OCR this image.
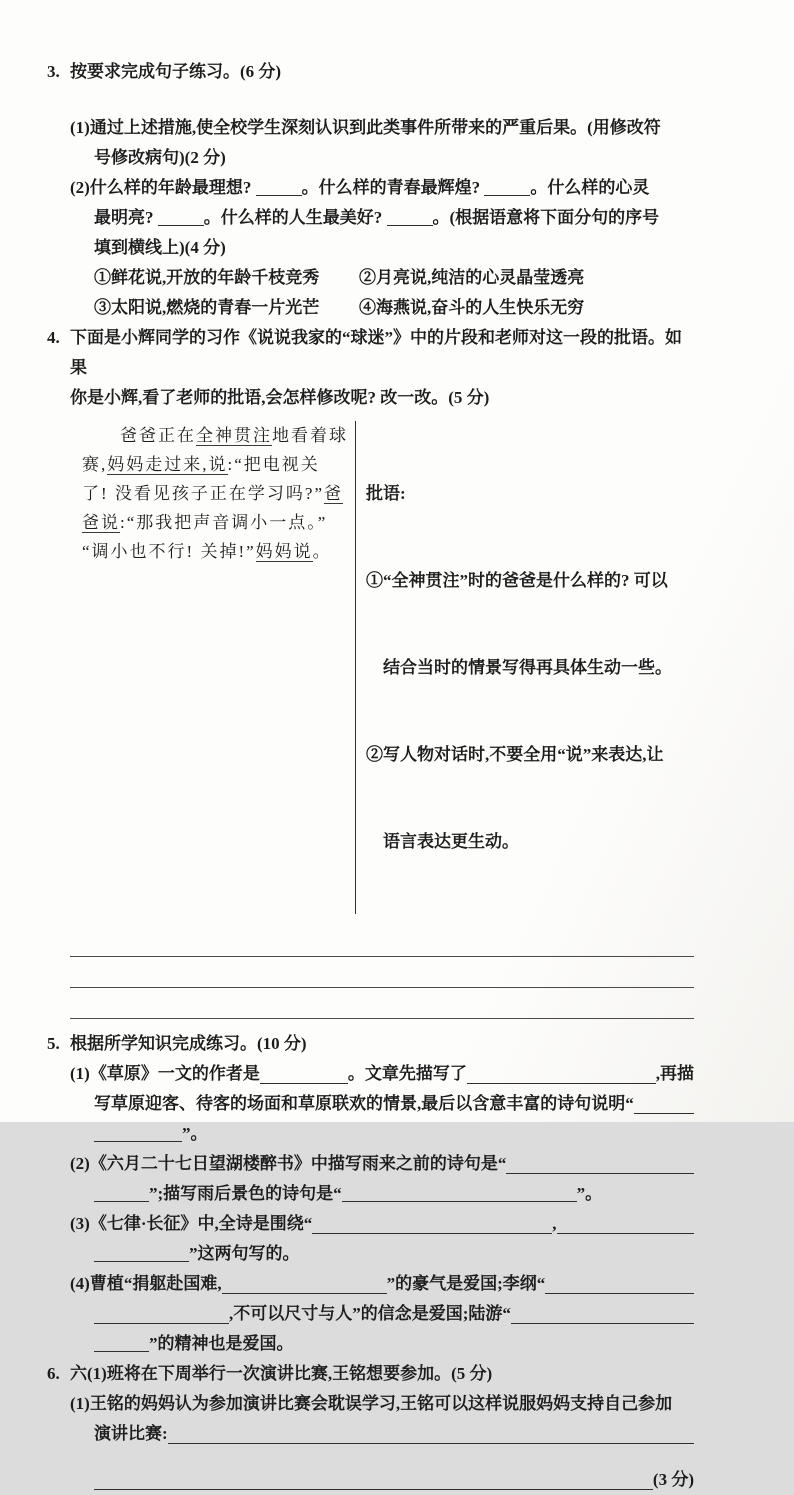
3. 按要求完成句子练习。(6 分)
(1)通过上述措施,使全校学生深刻认识到此类事件所带来的严重后果。(用修改符
号修改病句)(2 分)
(2)什么样的年龄最理想?	。什么样的青春最辉煌?	。什么样的心灵
最明亮?	。什么样的人生最美好?	。(根据语意将下面分句的序号
填到横线上)(4 分)
①鲜花说,开放的年龄千枝竞秀	②月亮说,纯洁的心灵晶莹透亮
③太阳说,燃烧的青春一片光芒	④海燕说,奋斗的人生快乐无穷
4. 下面是小辉同学的习作《说说我家的“球迷”》中的片段和老师对这一段的批语。如果
你是小辉,看了老师的批语,会怎样修改呢? 改一改。(5 分)
　　爸爸正在全神贯注地看着球
赛,妈妈走过来,说:“把电视关
了! 没看见孩子正在学习吗?”爸
爸说:“那我把声音调小一点。”
“调小也不行! 关掉!”妈妈说。

批语:

①“全神贯注”时的爸爸是什么样的? 可以

　结合当时的情景写得再具体生动一些。

②写人物对话时,不要全用“说”来表达,让

　语言表达更生动。

5. 根据所学知识完成练习。(10 分)
(1)《草原》一文的作者是	。文章先描写了	,再描
写草原迎客、待客的场面和草原联欢的情景,最后以含意丰富的诗句说明“
”。
(2)《六月二十七日望湖楼醉书》中描写雨来之前的诗句是“
”;描写雨后景色的诗句是“	”。
(3)《七律·长征》中,全诗是围绕“	,
”这两句写的。
(4)曹植“捐躯赴国难,	”的豪气是爱国;李纲“
,不可以尺寸与人”的信念是爱国;陆游“
”的精神也是爱国。
6. 六(1)班将在下周举行一次演讲比赛,王铭想要参加。(5 分)
(1)王铭的妈妈认为参加演讲比赛会耽误学习,王铭可以这样说服妈妈支持自己参加
演讲比赛:
(3 分)
